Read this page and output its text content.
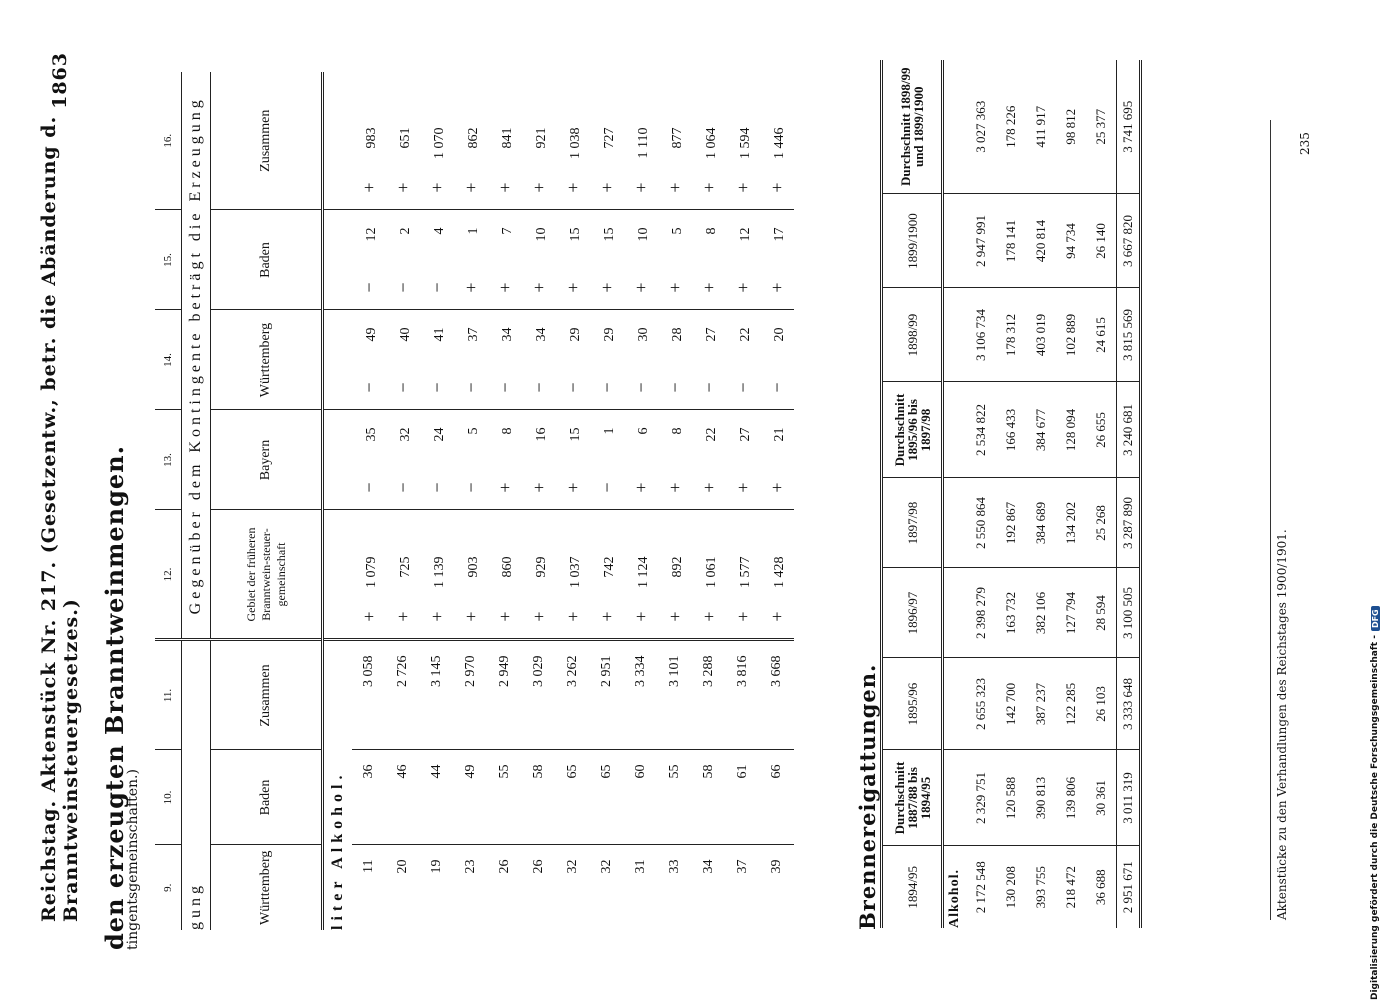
Reichstag. Aktenstück Nr. 217. (Gesetzentw., betr. die Abänderung d. Branntweinsteuergesetzes.)
1863
den erzeugten Branntweinmengen.
tingentsgemeinschaften.) 9.	10.	11.	12.	13.	14.	15.	16.
gung			Gegenüber dem Kontingente beträgt die Erzeugung				
Württemberg	Baden	Zusammen	Gebiet der früheren Branntwein-steuer-gemeinschaft	Bayern	Württemberg	Baden	Zusammen
liter Alkohol.							
11	36	3 058	+1 079	−35	−49	−12	+983
20	46	2 726	+725	−32	−40	−2	+651
19	44	3 145	+1 139	−24	−41	−4	+1 070
23	49	2 970	+903	−5	−37	+1	+862
26	55	2 949	+860	+8	−34	+7	+841
26	58	3 029	+929	+16	−34	+10	+921
32	65	3 262	+1 037	+15	−29	+15	+1 038
32	65	2 951	+742	−1	−29	+15	+727
31	60	3 334	+1 124	+6	−30	+10	+1 110
33	55	3 101	+892	+8	−28	+5	+877
34	58	3 288	+1 061	+22	−27	+8	+1 064
37	61	3 816	+1 577	+27	−22	+12	+1 594
39	66	3 668	+1 428	+21	−20	+17	+1 446
Brennereigattungen. 1894/95	Durchschnitt 1887/88 bis 1894/95	1895/96	1896/97	1897/98	Durchschnitt 1895/96 bis 1897/98	1898/99	1899/1900	Durchschnitt 1898/99 und 1899/1900
Alkohol.								
2 172 548	2 329 751	2 655 323	2 398 279	2 550 864	2 534 822	3 106 734	2 947 991	3 027 363
130 208	120 588	142 700	163 732	192 867	166 433	178 312	178 141	178 226
393 755	390 813	387 237	382 106	384 689	384 677	403 019	420 814	411 917
218 472	139 806	122 285	127 794	134 202	128 094	102 889	94 734	98 812
36 688	30 361	26 103	28 594	25 268	26 655	24 615	26 140	25 377
2 951 671	3 011 319	3 333 648	3 100 505	3 287 890	3 240 681	3 815 569	3 667 820	3 741 695
Aktenstücke zu den Verhandlungen des Reichstages 1900/1901.
235
Digitalisierung gefördert durch die Deutsche Forschungsgemeinschaft -
DFG
